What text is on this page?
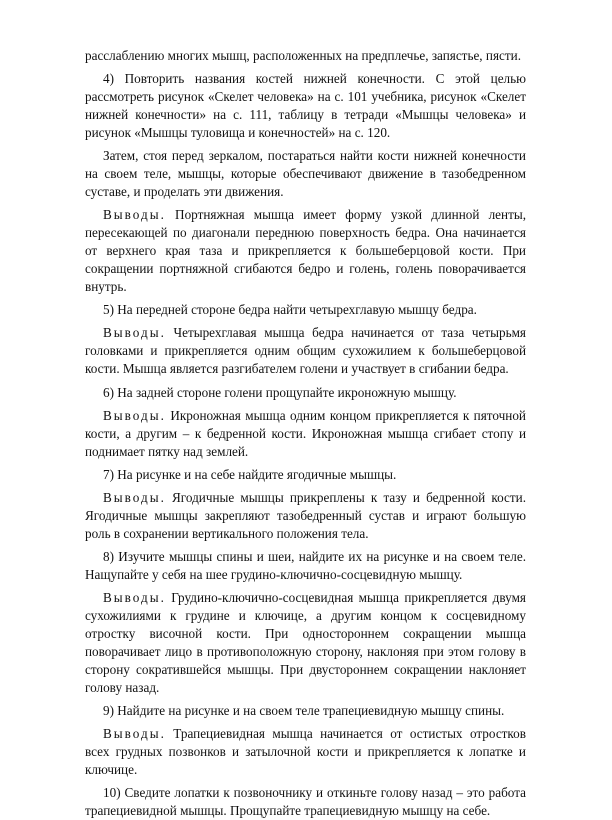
расслаблению многих мышц, расположенных на предплечье, запястье, пясти.

4) Повторить названия костей нижней конечности. С этой целью рассмотреть рисунок «Скелет человека» на с. 101 учебника, рисунок «Скелет нижней конечности» на с. 111, таблицу в тетради «Мышцы человека» и рисунок «Мышцы туловища и конечностей» на с. 120.

Затем, стоя перед зеркалом, постараться найти кости нижней конечности на своем теле, мышцы, которые обеспечивают движение в тазобедренном суставе, и проделать эти движения.

Выводы. Портняжная мышца имеет форму узкой длинной ленты, пересекающей по диагонали переднюю поверхность бедра. Она начинается от верхнего края таза и прикрепляется к большеберцовой кости. При сокращении портняжной сгибаются бедро и голень, голень поворачивается внутрь.

5) На передней стороне бедра найти четырехглавую мышцу бедра.

Выводы. Четырехглавая мышца бедра начинается от таза четырьмя головками и прикрепляется одним общим сухожилием к большеберцовой кости. Мышца является разгибателем голени и участвует в сгибании бедра.

6) На задней стороне голени прощупайте икроножную мышцу.

Выводы. Икроножная мышца одним концом прикрепляется к пяточной кости, а другим – к бедренной кости. Икроножная мышца сгибает стопу и поднимает пятку над землей.

7) На рисунке и на себе найдите ягодичные мышцы.

Выводы. Ягодичные мышцы прикреплены к тазу и бедренной кости. Ягодичные мышцы закрепляют тазобедренный сустав и играют большую роль в сохранении вертикального положения тела.

8) Изучите мышцы спины и шеи, найдите их на рисунке и на своем теле. Нащупайте у себя на шее грудино-ключично-сосцевидную мышцу.

Выводы. Грудино-ключично-сосцевидная мышца прикрепляется двумя сухожилиями к грудине и ключице, а другим концом к сосцевидному отростку височной кости. При одностороннем сокращении мышца поворачивает лицо в противоположную сторону, наклоняя при этом голову в сторону сократившейся мышцы. При двустороннем сокращении наклоняет голову назад.

9) Найдите на рисунке и на своем теле трапециевидную мышцу спины.

Выводы. Трапециевидная мышца начинается от остистых отростков всех грудных позвонков и затылочной кости и прикрепляется к лопатке и ключице.

10) Сведите лопатки к позвоночнику и откиньте голову назад – это работа трапециевидной мышцы. Прощупайте трапециевидную мышцу на себе.
